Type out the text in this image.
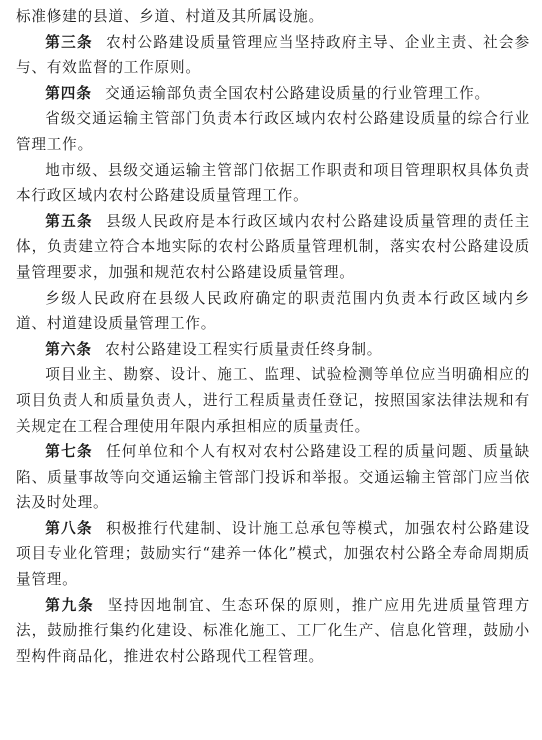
标准修建的县道、乡道、村道及其所属设施。

第三条 农村公路建设质量管理应当坚持政府主导、企业主责、社会参与、有效监督的工作原则。

第四条 交通运输部负责全国农村公路建设质量的行业管理工作。

省级交通运输主管部门负责本行政区域内农村公路建设质量的综合行业管理工作。

地市级、县级交通运输主管部门依据工作职责和项目管理职权具体负责本行政区域内农村公路建设质量管理工作。

第五条 县级人民政府是本行政区域内农村公路建设质量管理的责任主体，负责建立符合本地实际的农村公路质量管理机制，落实农村公路建设质量管理要求，加强和规范农村公路建设质量管理。

乡级人民政府在县级人民政府确定的职责范围内负责本行政区域内乡道、村道建设质量管理工作。

第六条 农村公路建设工程实行质量责任终身制。

项目业主、勘察、设计、施工、监理、试验检测等单位应当明确相应的项目负责人和质量负责人，进行工程质量责任登记，按照国家法律法规和有关规定在工程合理使用年限内承担相应的质量责任。

第七条 任何单位和个人有权对农村公路建设工程的质量问题、质量缺陷、质量事故等向交通运输主管部门投诉和举报。交通运输主管部门应当依法及时处理。

第八条 积极推行代建制、设计施工总承包等模式，加强农村公路建设项目专业化管理；鼓励实行“建养一体化”模式，加强农村公路全寿命周期质量管理。

第九条 坚持因地制宜、生态环保的原则，推广应用先进质量管理方法，鼓励推行集约化建设、标准化施工、工厂化生产、信息化管理，鼓励小型构件商品化，推进农村公路现代工程管理。
